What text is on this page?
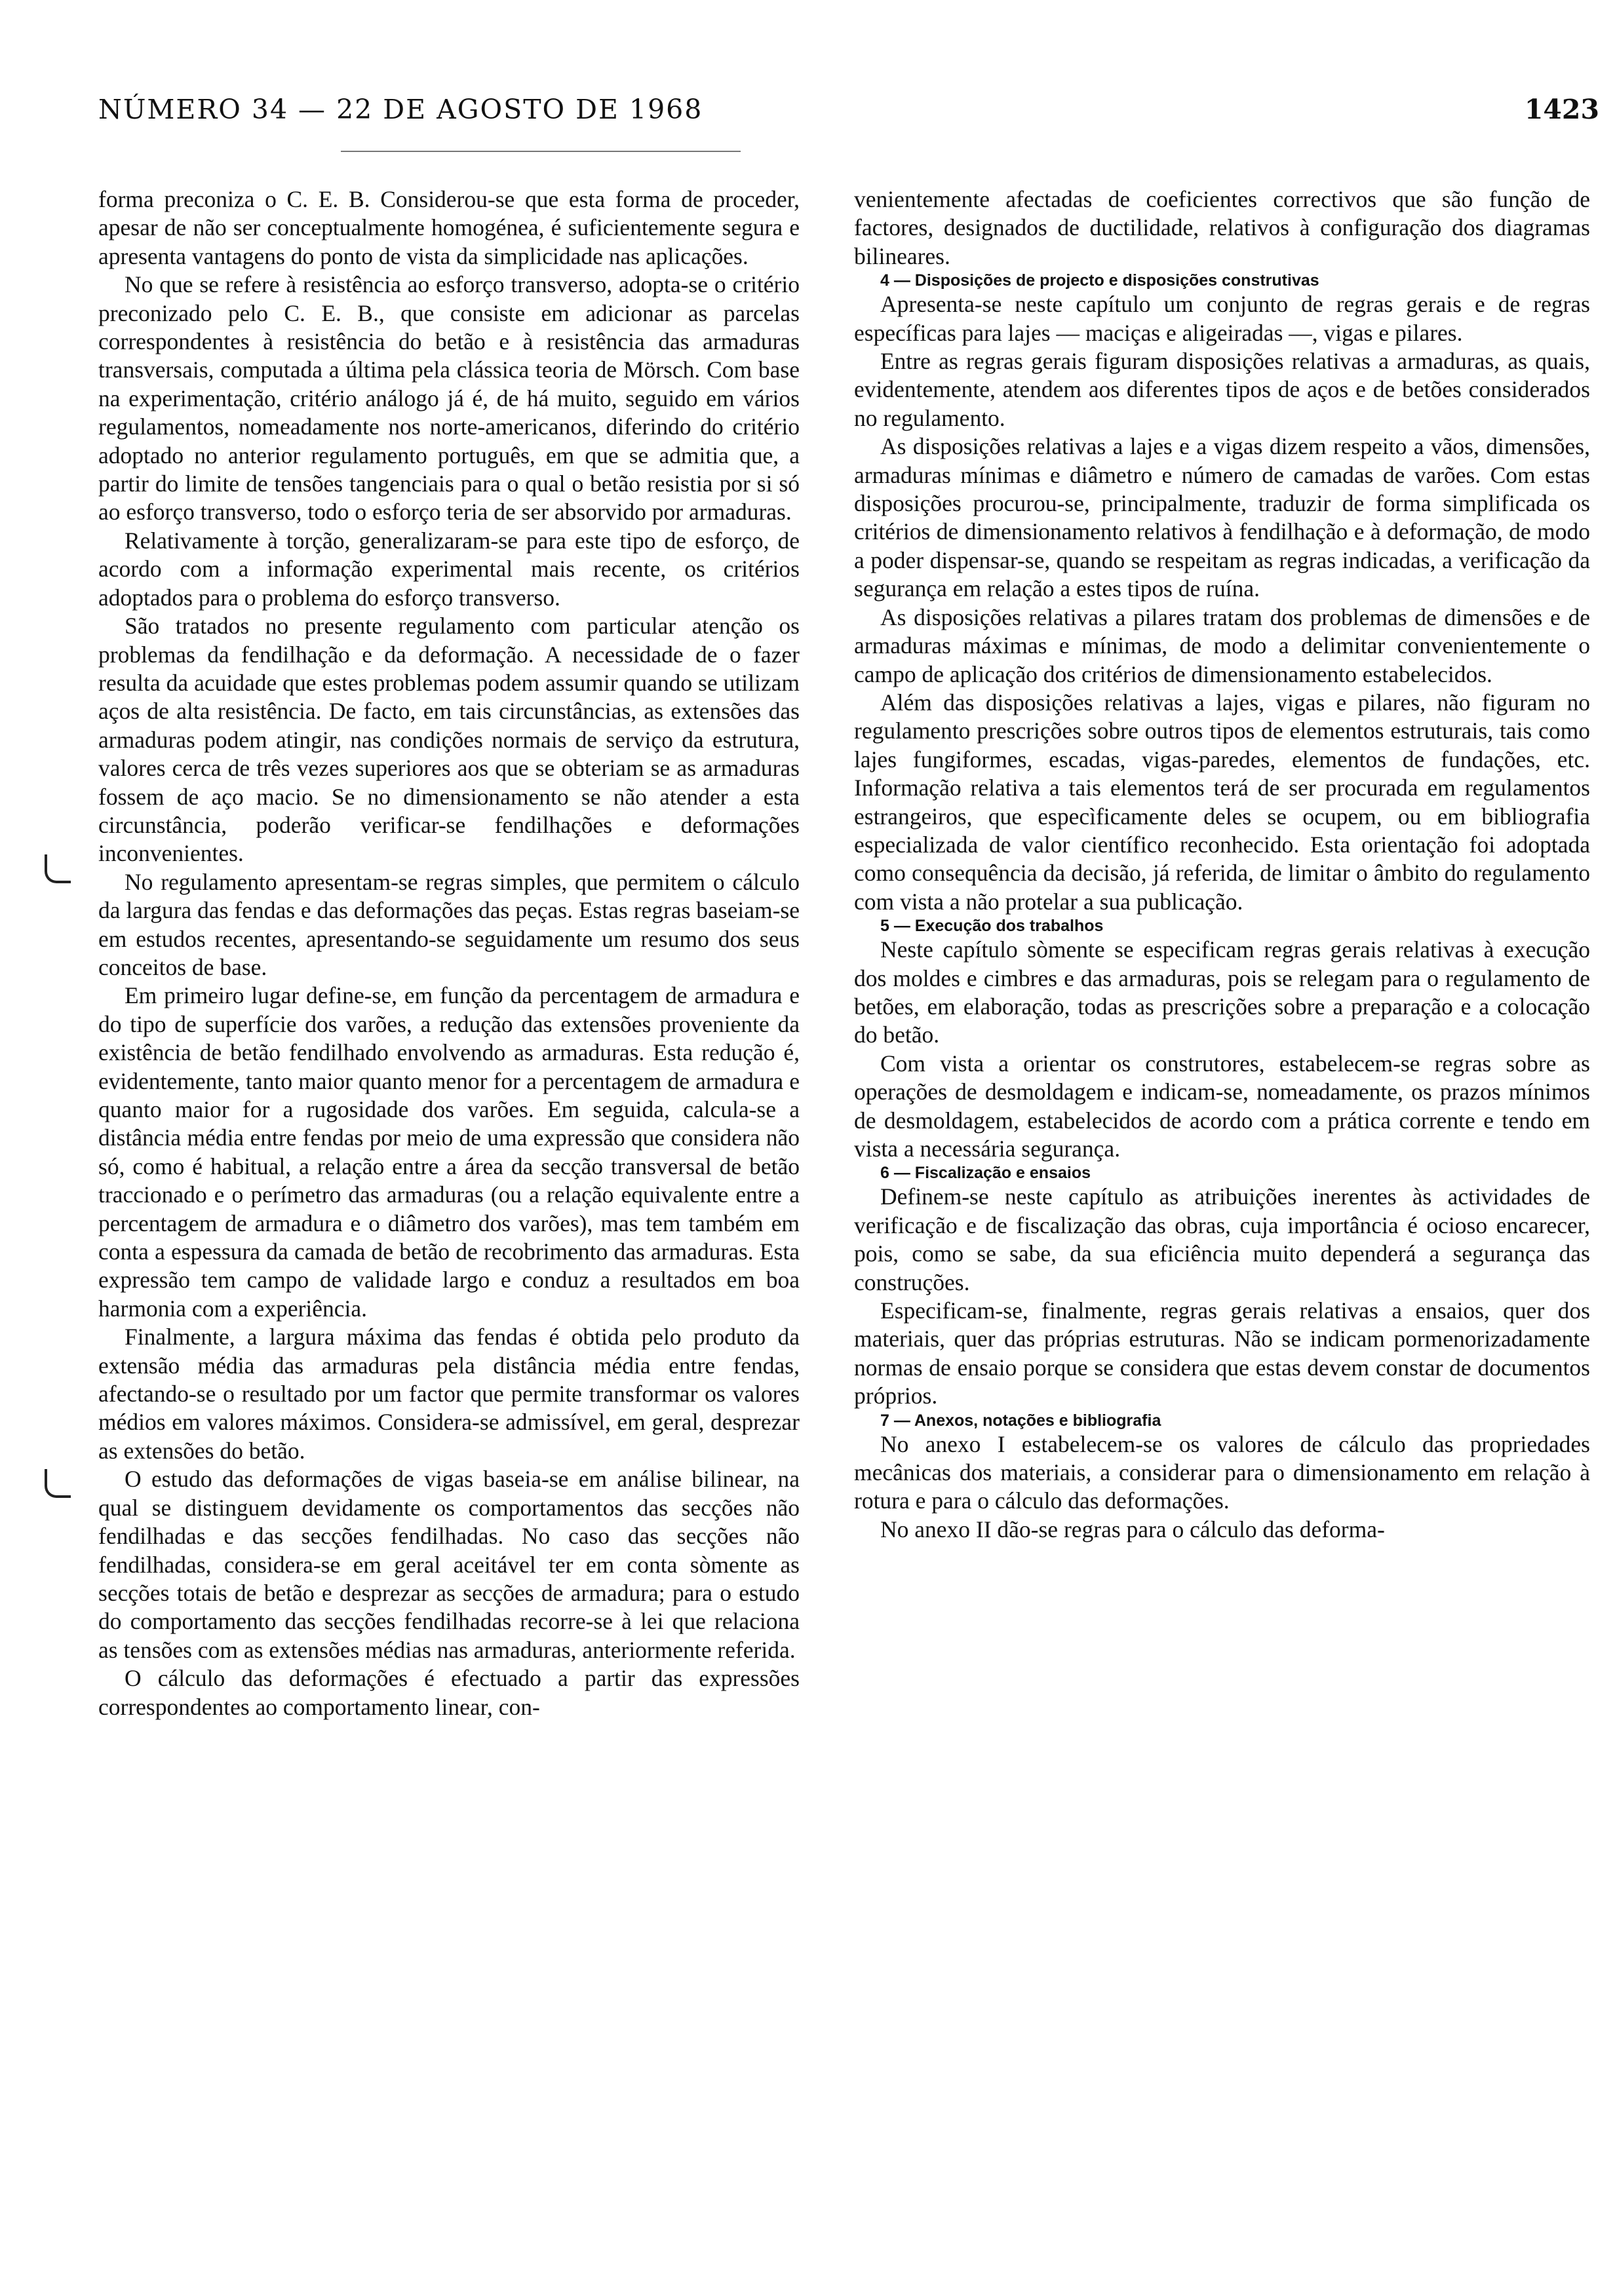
NÚMERO 34 — 22 DE AGOSTO DE 1968	1423

forma preconiza o C. E. B. Considerou-se que esta forma de proceder, apesar de não ser conceptualmente homogénea, é suficientemente segura e apresenta vantagens do ponto de vista da simplicidade nas aplicações.

No que se refere à resistência ao esforço transverso, adopta-se o critério preconizado pelo C. E. B., que consiste em adicionar as parcelas correspondentes à resistência do betão e à resistência das armaduras transversais, computada a última pela clássica teoria de Mörsch. Com base na experimentação, critério análogo já é, de há muito, seguido em vários regulamentos, nomeadamente nos norte-americanos, diferindo do critério adoptado no anterior regulamento português, em que se admitia que, a partir do limite de tensões tangenciais para o qual o betão resistia por si só ao esforço transverso, todo o esforço teria de ser absorvido por armaduras.

Relativamente à torção, generalizaram-se para este tipo de esforço, de acordo com a informação experimental mais recente, os critérios adoptados para o problema do esforço transverso.

São tratados no presente regulamento com particular atenção os problemas da fendilhação e da deformação. A necessidade de o fazer resulta da acuidade que estes problemas podem assumir quando se utilizam aços de alta resistência. De facto, em tais circunstâncias, as extensões das armaduras podem atingir, nas condições normais de serviço da estrutura, valores cerca de três vezes superiores aos que se obteriam se as armaduras fossem de aço macio. Se no dimensionamento se não atender a esta circunstância, poderão verificar-se fendilhações e deformações inconvenientes.

No regulamento apresentam-se regras simples, que permitem o cálculo da largura das fendas e das deformações das peças. Estas regras baseiam-se em estudos recentes, apresentando-se seguidamente um resumo dos seus conceitos de base.

Em primeiro lugar define-se, em função da percentagem de armadura e do tipo de superfície dos varões, a redução das extensões proveniente da existência de betão fendilhado envolvendo as armaduras. Esta redução é, evidentemente, tanto maior quanto menor for a percentagem de armadura e quanto maior for a rugosidade dos varões. Em seguida, calcula-se a distância média entre fendas por meio de uma expressão que considera não só, como é habitual, a relação entre a área da secção transversal de betão traccionado e o perímetro das armaduras (ou a relação equivalente entre a percentagem de armadura e o diâmetro dos varões), mas tem também em conta a espessura da camada de betão de recobrimento das armaduras. Esta expressão tem campo de validade largo e conduz a resultados em boa harmonia com a experiência.

Finalmente, a largura máxima das fendas é obtida pelo produto da extensão média das armaduras pela distância média entre fendas, afectando-se o resultado por um factor que permite transformar os valores médios em valores máximos. Considera-se admissível, em geral, desprezar as extensões do betão.

O estudo das deformações de vigas baseia-se em análise bilinear, na qual se distinguem devidamente os comportamentos das secções não fendilhadas e das secções fendilhadas. No caso das secções não fendilhadas, considera-se em geral aceitável ter em conta sòmente as secções totais de betão e desprezar as secções de armadura; para o estudo do comportamento das secções fendilhadas recorre-se à lei que relaciona as tensões com as extensões médias nas armaduras, anteriormente referida.

O cálculo das deformações é efectuado a partir das expressões correspondentes ao comportamento linear, con-

venientemente afectadas de coeficientes correctivos que são função de factores, designados de ductilidade, relativos à configuração dos diagramas bilineares.

4 — Disposições de projecto e disposições construtivas

Apresenta-se neste capítulo um conjunto de regras gerais e de regras específicas para lajes — maciças e aligeiradas —, vigas e pilares.

Entre as regras gerais figuram disposições relativas a armaduras, as quais, evidentemente, atendem aos diferentes tipos de aços e de betões considerados no regulamento.

As disposições relativas a lajes e a vigas dizem respeito a vãos, dimensões, armaduras mínimas e diâmetro e número de camadas de varões. Com estas disposições procurou-se, principalmente, traduzir de forma simplificada os critérios de dimensionamento relativos à fendilhação e à deformação, de modo a poder dispensar-se, quando se respeitam as regras indicadas, a verificação da segurança em relação a estes tipos de ruína.

As disposições relativas a pilares tratam dos problemas de dimensões e de armaduras máximas e mínimas, de modo a delimitar convenientemente o campo de aplicação dos critérios de dimensionamento estabelecidos.

Além das disposições relativas a lajes, vigas e pilares, não figuram no regulamento prescrições sobre outros tipos de elementos estruturais, tais como lajes fungiformes, escadas, vigas-paredes, elementos de fundações, etc. Informação relativa a tais elementos terá de ser procurada em regulamentos estrangeiros, que especìficamente deles se ocupem, ou em bibliografia especializada de valor científico reconhecido. Esta orientação foi adoptada como consequência da decisão, já referida, de limitar o âmbito do regulamento com vista a não protelar a sua publicação.

5 — Execução dos trabalhos

Neste capítulo sòmente se especificam regras gerais relativas à execução dos moldes e cimbres e das armaduras, pois se relegam para o regulamento de betões, em elaboração, todas as prescrições sobre a preparação e a colocação do betão.

Com vista a orientar os construtores, estabelecem-se regras sobre as operações de desmoldagem e indicam-se, nomeadamente, os prazos mínimos de desmoldagem, estabelecidos de acordo com a prática corrente e tendo em vista a necessária segurança.

6 — Fiscalização e ensaios

Definem-se neste capítulo as atribuições inerentes às actividades de verificação e de fiscalização das obras, cuja importância é ocioso encarecer, pois, como se sabe, da sua eficiência muito dependerá a segurança das construções.

Especificam-se, finalmente, regras gerais relativas a ensaios, quer dos materiais, quer das próprias estruturas. Não se indicam pormenorizadamente normas de ensaio porque se considera que estas devem constar de documentos próprios.

7 — Anexos, notações e bibliografia

No anexo I estabelecem-se os valores de cálculo das propriedades mecânicas dos materiais, a considerar para o dimensionamento em relação à rotura e para o cálculo das deformações.

No anexo II dão-se regras para o cálculo das deforma-
